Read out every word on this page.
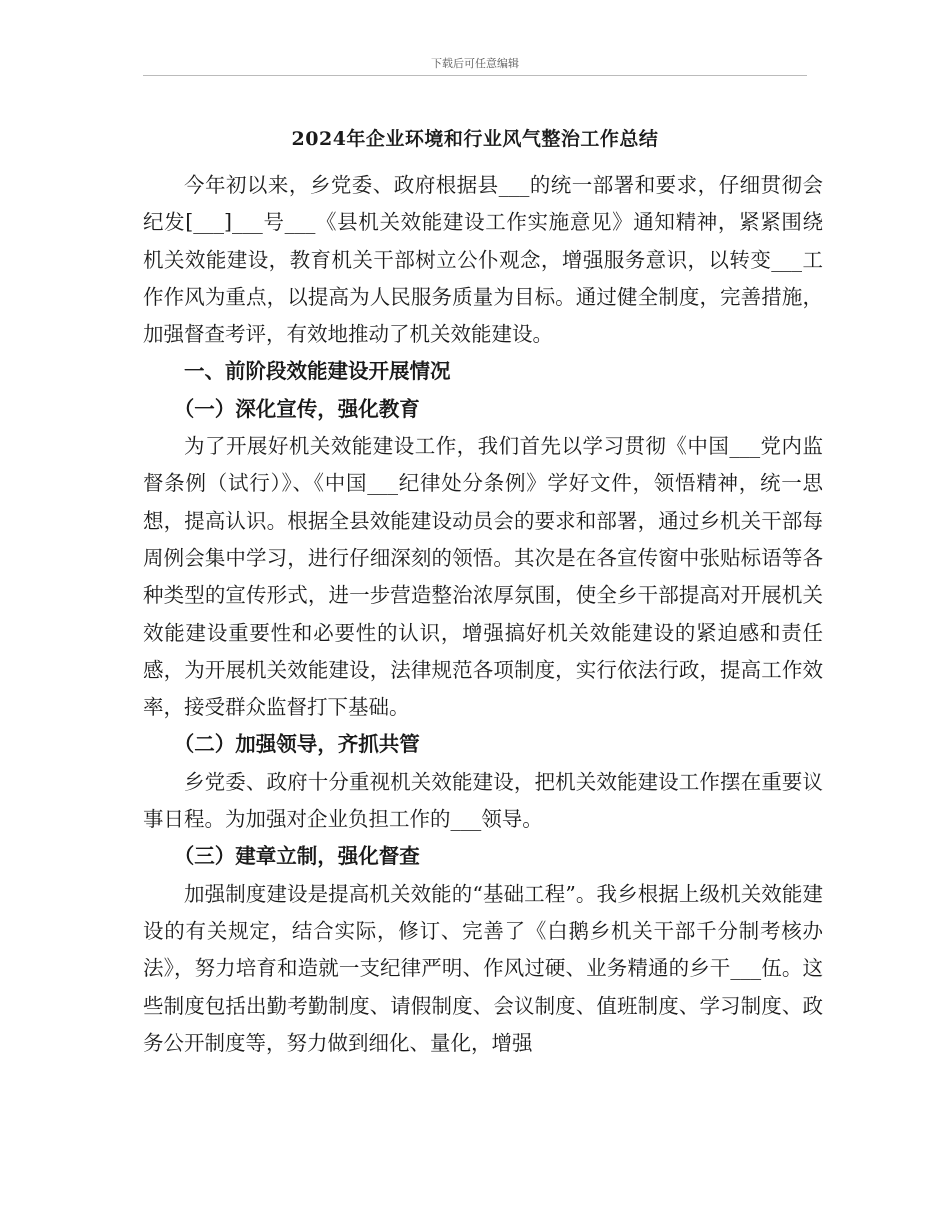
下载后可任意编辑
2024年企业环境和行业风气整治工作总结

今年初以来，乡党委、政府根据县___的统一部署和要求，仔细贯彻会纪发[___]___号___《县机关效能建设工作实施意见》通知精神，紧紧围绕机关效能建设，教育机关干部树立公仆观念，增强服务意识，以转变___工作作风为重点，以提高为人民服务质量为目标。通过健全制度，完善措施，加强督查考评，有效地推动了机关效能建设。

一、前阶段效能建设开展情况

（一）深化宣传，强化教育

为了开展好机关效能建设工作，我们首先以学习贯彻《中国___党内监督条例（试行）》、《中国___纪律处分条例》学好文件，领悟精神，统一思想，提高认识。根据全县效能建设动员会的要求和部署，通过乡机关干部每周例会集中学习，进行仔细深刻的领悟。其次是在各宣传窗中张贴标语等各种类型的宣传形式，进一步营造整治浓厚氛围，使全乡干部提高对开展机关效能建设重要性和必要性的认识，增强搞好机关效能建设的紧迫感和责任感，为开展机关效能建设，法律规范各项制度，实行依法行政，提高工作效率，接受群众监督打下基础。

（二）加强领导，齐抓共管

乡党委、政府十分重视机关效能建设，把机关效能建设工作摆在重要议事日程。为加强对企业负担工作的___领导。

（三）建章立制，强化督查

加强制度建设是提高机关效能的“基础工程”。我乡根据上级机关效能建设的有关规定，结合实际，修订、完善了《白鹅乡机关干部千分制考核办法》，努力培育和造就一支纪律严明、作风过硬、业务精通的乡干___伍。这些制度包括出勤考勤制度、请假制度、会议制度、值班制度、学习制度、政务公开制度等，努力做到细化、量化，增强
